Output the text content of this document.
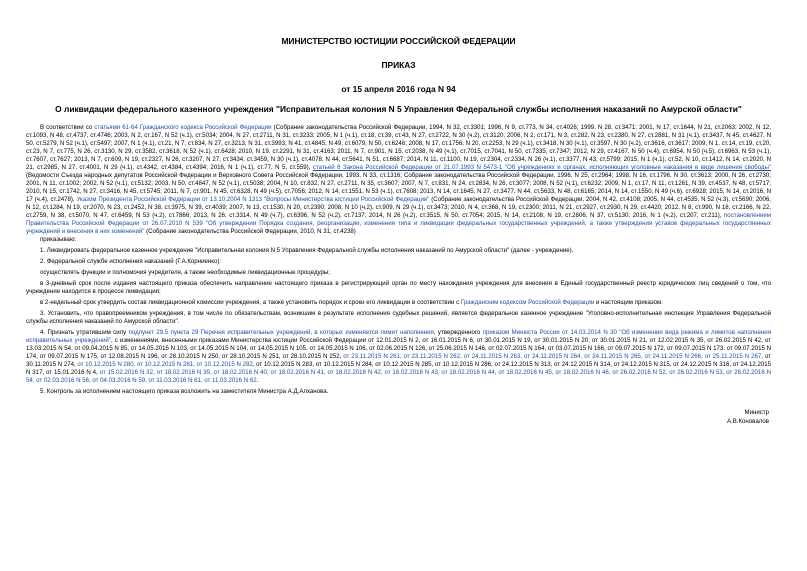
МИНИСТЕРСТВО ЮСТИЦИИ РОССИЙСКОЙ ФЕДЕРАЦИИ

ПРИКАЗ

от 15 апреля 2016 года N 94

О ликвидации федерального казенного учреждения "Исправительная колония N 5 Управления Федеральной службы исполнения наказаний по Амурской области"

В соответствии со статьями 61-64 Гражданского кодекса Российской Федерации (Собрание законодательства Российской Федерации, 1994, N 32, ст.3301; 1996, N 9, ст.773, N 34, ст.4026; 1999, N 28, ст.3471; 2001, N 17, ст.1644, N 21, ст.2063; 2002, N 12, ст.1093, N 48, ст.4737, ст.4746; 2003, N 2, ст.167, N 52 (ч.1), ст.5034; 2004, N 27, ст.2711, N 31, ст.3233; 2005, N 1 (ч.1), ст.18, ст.39, ст.43, N 27, ст.2722, N 30 (ч.2), ст.3120; 2006, N 2, ст.171, N 3, ст.282, N 23, ст.2380, N 27, ст.2881, N 31 (ч.1), ст.3437, N 45, ст.4627, N 50, ст.5279, N 52 (ч.1), ст.5497; 2007, N 1 (ч.1), ст.21, N 7, ст.834, N 27, ст.3213, N 31, ст.3993, N 41, ст.4845, N 49, ст.6079, N 50, ст.6246; 2008, N 17, ст.1756, N 20, ст.2253, N 29 (ч.1), ст.3418, N 30 (ч.1), ст.3597, N 30 (ч.2), ст.3616, ст.3617; 2009, N 1, ст.14, ст.19, ст.20, ст.23, N 7, ст.775, N 26, ст.3130, N 29, ст.3582, ст.3618, N 52 (ч.1), ст.6428; 2010, N 19, ст.2291, N 31, ст.4163; 2011, N 7, ст.901, N 15, ст.2038, N 49 (ч.1), ст.7015, ст.7041, N 50, ст.7335, ст.7347; 2012, N 29, ст.4167, N 50 (ч.4), ст.6954, N 50 (ч.5), ст.6963, N 53 (ч.1), ст.7607, ст.7627; 2013, N 7, ст.609, N 19, ст.2327, N 26, ст.3207, N 27, ст.3434, ст.3459, N 30 (ч.1), ст.4078, N 44, ст.5641, N 51, ст.6687; 2014, N 11, ст.1100, N 19, ст.2304, ст.2334, N 26 (ч.1), ст.3377, N 43, ст.5799; 2015, N 1 (ч.1), ст.52, N 10, ст.1412, N 14, ст.2020, N 21, ст.2985, N 27, ст.4001, N 29 (ч.1), ст.4342, ст.4384, ст.4394; 2016, N 1 (ч.1), ст.77, N 5, ст.559), статьей 6 Закона Российской Федерации от 21.07.1993 N 5473-1 "Об учреждениях и органах, исполняющих уголовные наказания в виде лишения свободы" (Ведомости Съезда народных депутатов Российской Федерации и Верховного Совета Российской Федерации, 1993, N 33, ст.1316; Собрание законодательства Российской Федерации, 1996, N 25, ст.2964; 1998, N 16, ст.1796, N 30, ст.3613; 2000, N 26, ст.2730; 2001, N 11, ст.1002; 2002, N 52 (ч.1), ст.5132; 2003, N 50, ст.4847, N 52 (ч.1), ст.5038; 2004, N 10, ст.832, N 27, ст.2711, N 35, ст.3607; 2007, N 7, ст.831, N 24, ст.2834, N 26, ст.3077; 2008, N 52 (ч.1), ст.6232; 2009, N 1, ст.17, N 11, ст.1261, N 39, ст.4537, N 48, ст.5717; 2010, N 15, ст.1742, N 27, ст.3416, N 45, ст.5745; 2011, N 7, ст.901, N 45, ст.6328, N 49 (ч.5), ст.7056; 2012, N 14, ст.1551, N 53 (ч.1), ст.7608; 2013, N 14, ст.1645, N 27, ст.3477, N 44, ст.5633, N 48, ст.6165; 2014, N 14, ст.1550, N 49 (ч.6), ст.6928; 2015, N 14, ст.2016, N 17 (ч.4), ст.2478), Указом Президента Российской Федерации от 13.10.2004 N 1313 "Вопросы Министерства юстиции Российской Федерации" (Собрание законодательства Российской Федерации, 2004, N 42, ст.4108; 2005, N 44, ст.4535, N 52 (ч.3), ст.5690; 2006, N 12, ст.1284, N 19, ст.2070, N 23, ст.2452, N 38, ст.3975, N 39, ст.4039; 2007, N 13, ст.1530, N 20, ст.2390; 2008, N 10 (ч.2), ст.909, N 29 (ч.1), ст.3473; 2010, N 4, ст.368, N 19, ст.2300; 2011, N 21, ст.2927, ст.2930, N 29, ст.4420; 2012, N 8, ст.990, N 18, ст.2166, N 22, ст.2759, N 38, ст.5070, N 47, ст.6459, N 53 (ч.2), ст.7866; 2013, N 26, ст.3314, N 49 (ч.7), ст.6396, N 52 (ч.2), ст.7137; 2014, N 26 (ч.2), ст.3515, N 50, ст.7054; 2015, N 14, ст.2108, N 19, ст.2806, N 37, ст.5130; 2016, N 1 (ч.2), ст.207, ст.211), постановлением Правительства Российской Федерации от 26.07.2010 N 539 "Об утверждении Порядка создания, реорганизации, изменения типа и ликвидации федеральных государственных учреждений, а также утверждения уставов федеральных государственных учреждений и внесения в них изменений" (Собрание законодательства Российской Федерации, 2010, N 31, ст.4238)

приказываю:

1. Ликвидировать федеральное казенное учреждение "Исправительная колония N 5 Управления Федеральной службы исполнения наказаний по Амурской области" (далее - учреждение).

2. Федеральной службе исполнения наказаний (Г.А.Корниенко):

осуществлять функции и полномочия учредителя, а также необходимые ликвидационные процедуры;

в 3-дневный срок после издания настоящего приказа обеспечить направление настоящего приказа в регистрирующий орган по месту нахождения учреждения для внесения в Единый государственный реестр юридических лиц сведений о том, что учреждение находится в процессе ликвидации;

в 2-недельный срок утвердить состав ликвидационной комиссии учреждения, а также установить порядок и сроки его ликвидации в соответствии с Гражданским кодексом Российской Федерации и настоящим приказом.

3. Установить, что правопреемником учреждения, в том числе по обязательствам, возникшим в результате исполнения судебных решений, является федеральное казенное учреждение "Уголовно-исполнительная инспекция Управления Федеральной службы исполнения наказаний по Амурской области".

4. Признать утратившим силу подпункт 29.5 пункта 29 Перечня исправительных учреждений, в которых изменяется лимит наполнения, утвержденного приказом Минюста России от 14.03.2014 N 30 "Об изменении вида режима и лимитов наполнения исправительных учреждений", с изменениями, внесенными приказами Министерства юстиции Российской Федерации от 12.01.2015 N 2, от 16.01.2015 N 6, от 30.01.2015 N 19, от 30.01.2015 N 20, от 30.01.2015 N 21, от 12.02.2015 N 35, от 26.02.2015 N 42, от 13.03.2015 N 54, от 09.04.2015 N 85, от 14.05.2015 N 103, от 14.05.2015 N 104, от 14.05.2015 N 105, от 14.05.2015 N 106, от 02.06.2015 N 126, от 25.06.2015 N 146, от 02.07.2015 N 164, от 03.07.2015 N 166, от 09.07.2015 N 172, от 09.07.2015 N 173, от 09.07.2015 N 174, от 09.07.2015 N 175, от 12.08.2015 N 196, от 28.10.2015 N 250, от 28.10.2015 N 251, от 28.10.2015 N 252, от 23.11.2015 N 261, от 23.11.2015 N 262, от 24.11.2015 N 263, от 24.11.2015 N 264, от 24.11.2015 N 265, от 24.11.2015 N 266, от 25.11.2015 N 267, от 30.11.2015 N 274, от 10.12.2015 N 280, от 10.12.2015 N 281, от 10.12.2015 N 282, от 10.12.2015 N 283, от 10.12.2015 N 284, от 10.12.2015 N 285, от 10.12.2015 N 286, от 24.12.2015 N 313, от 24.12.2015 N 314, от 24.12.2015 N 315, от 24.12.2015 N 316, от 24.12.2015 N 317, от 15.01.2016 N 4, от 15.02.2016 N 32, от 18.02.2016 N 39, от 18.02.2016 N 40, от 18.02.2016 N 41, от 18.02.2016 N 42, от 18.02.2016 N 43, от 18.02.2016 N 44, от 18.02.2016 N 45, от 18.02.2016 N 46, от 26.02.2016 N 52, от 26.02.2016 N 53, от 26.02.2016 N 54, от 02.03.2016 N 56, от 04.03.2016 N 59, от 11.03.2016 N 61, от 11.03.2016 N 62.

5. Контроль за исполнением настоящего приказа возложить на заместителя Министра А.Д.Алханова.

Министр

А.В.Коновалов
